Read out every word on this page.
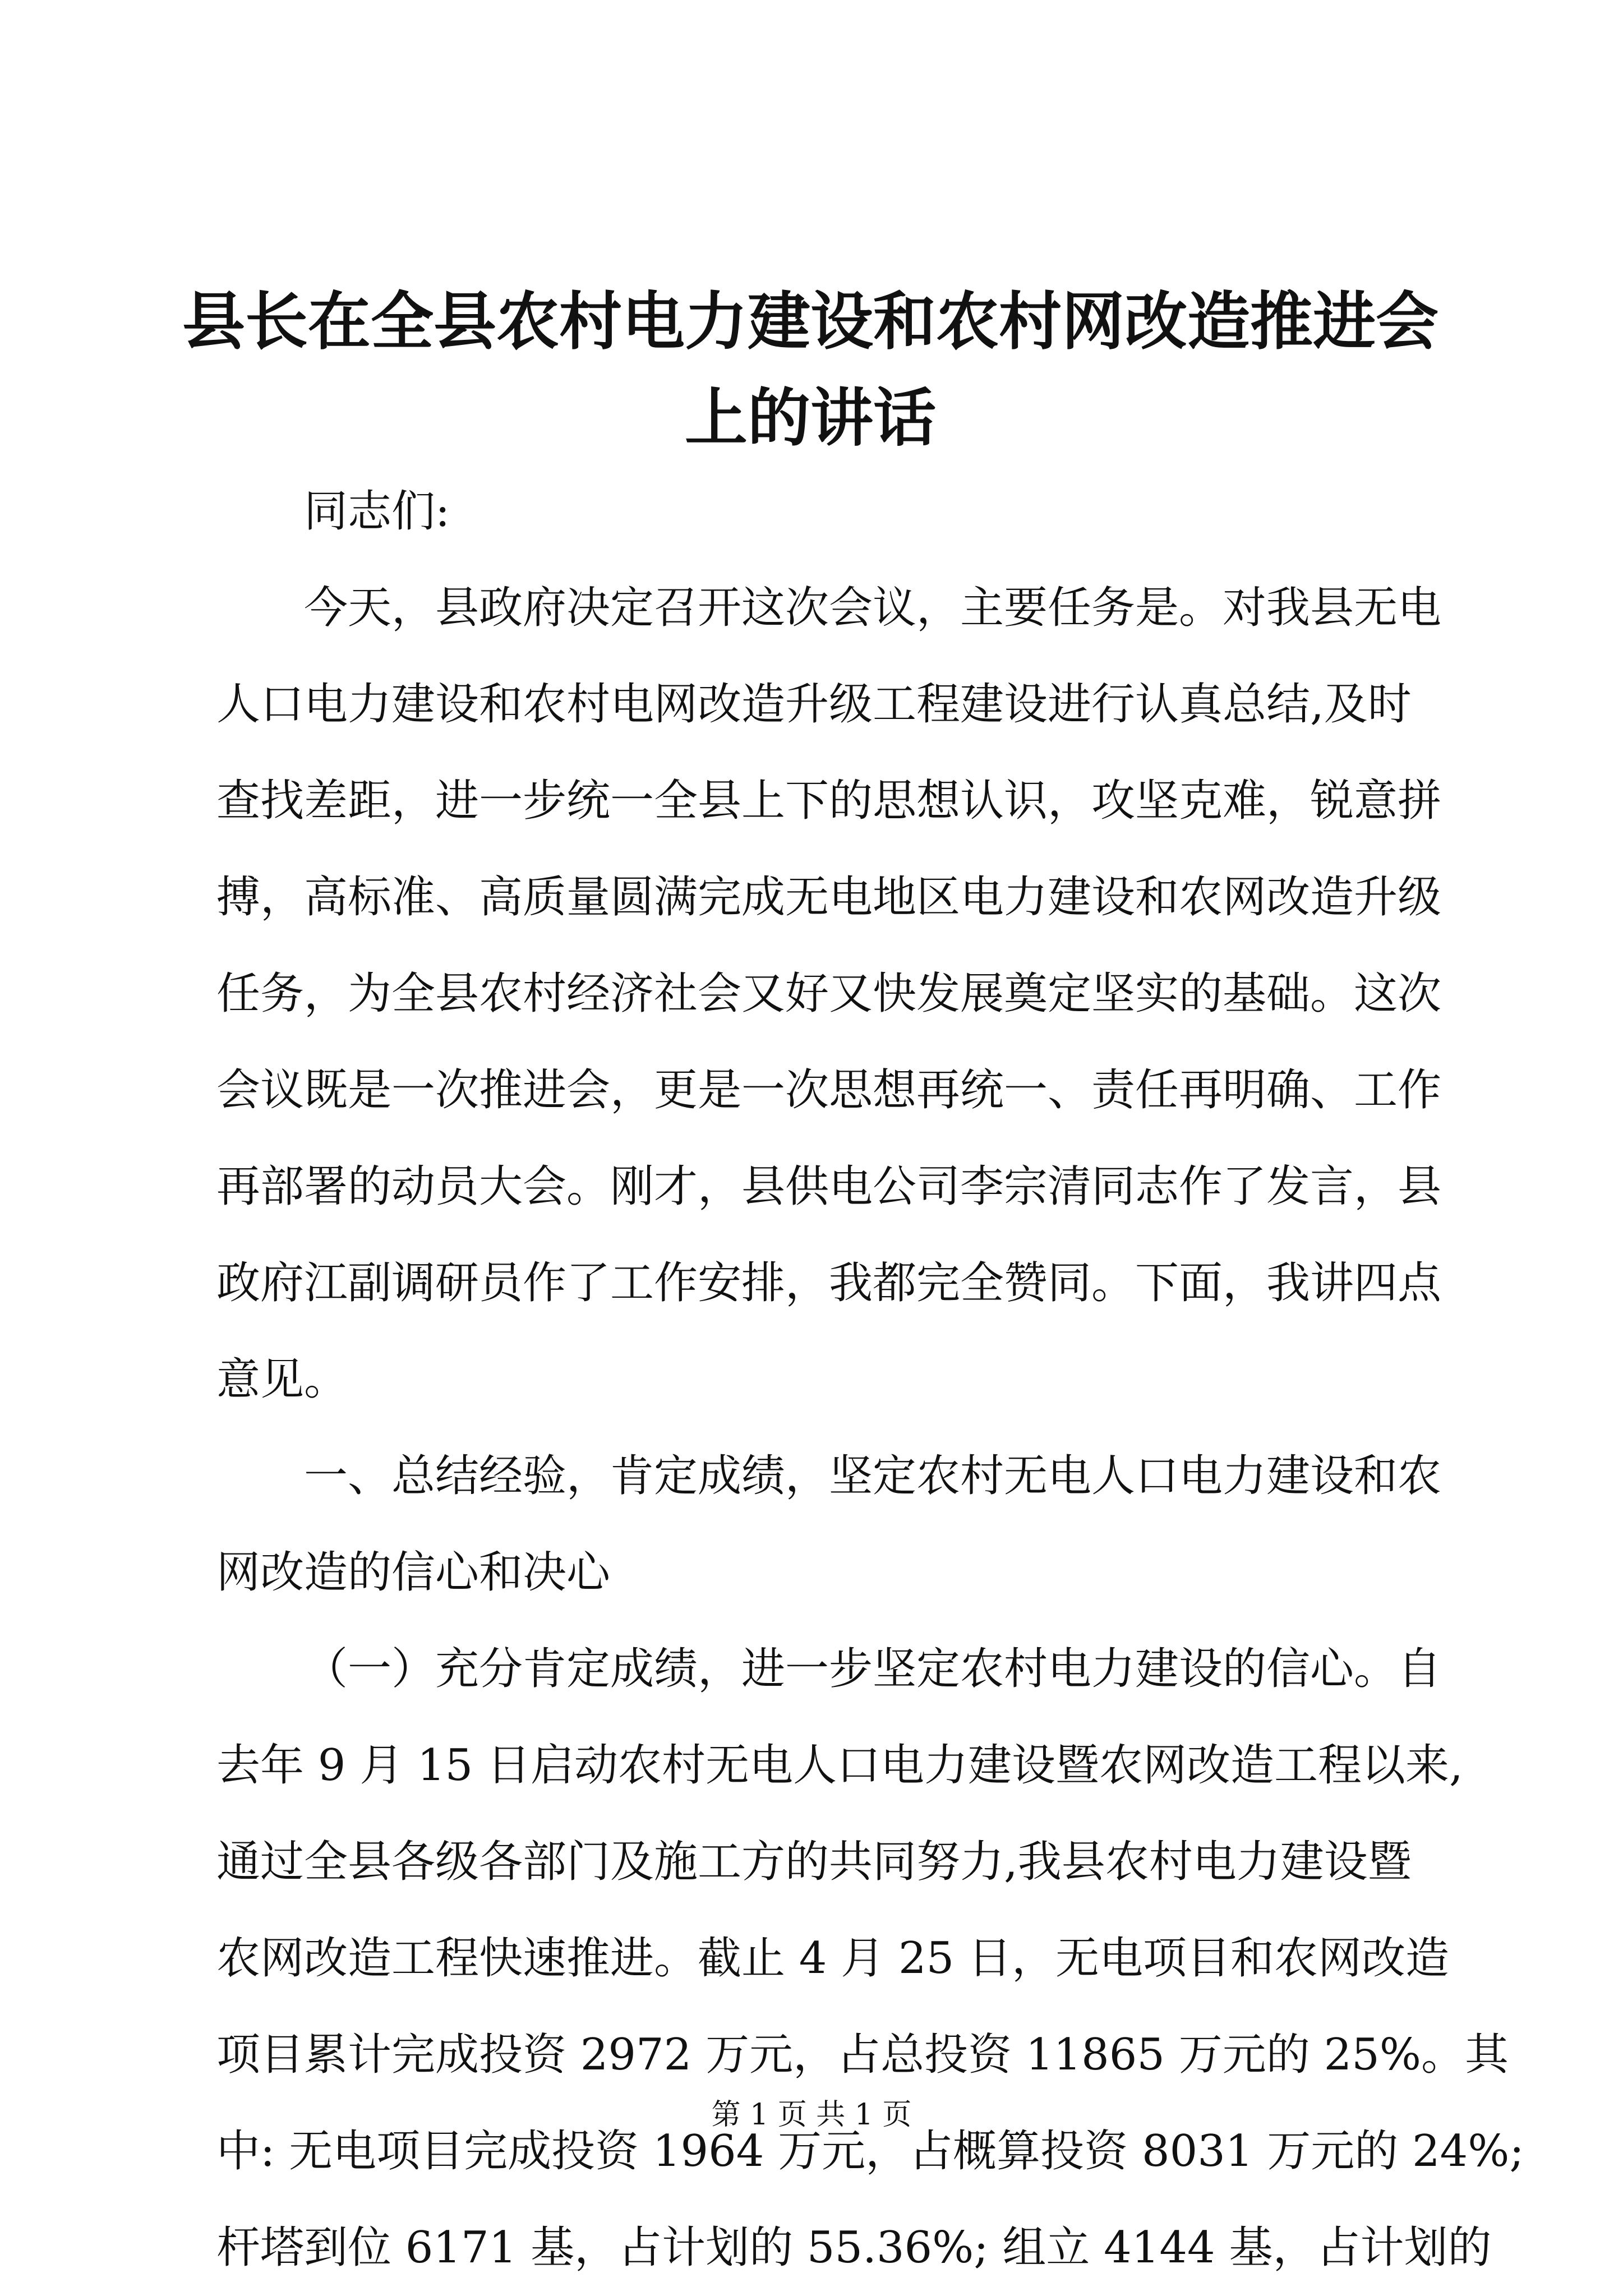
县长在全县农村电力建设和农村网改造推进会
上的讲话
同志们:
今天，县政府决定召开这次会议，主要任务是。对我县无电
人口电力建设和农村电网改造升级工程建设进行认真总结,及时
查找差距，进一步统一全县上下的思想认识，攻坚克难，锐意拼
搏，高标准、高质量圆满完成无电地区电力建设和农网改造升级
任务，为全县农村经济社会又好又快发展奠定坚实的基础。这次
会议既是一次推进会，更是一次思想再统一、责任再明确、工作
再部署的动员大会。刚才，县供电公司李宗清同志作了发言，县
政府江副调研员作了工作安排，我都完全赞同。下面，我讲四点
意见。
一、总结经验，肯定成绩，坚定农村无电人口电力建设和农
网改造的信心和决心
（一）充分肯定成绩，进一步坚定农村电力建设的信心。自
去年 9 月 15 日启动农村无电人口电力建设暨农网改造工程以来,
通过全县各级各部门及施工方的共同努力,我县农村电力建设暨
农网改造工程快速推进。截止 4 月 25 日，无电项目和农网改造
项目累计完成投资 2972 万元，占总投资 11865 万元的 25%。其
中: 无电项目完成投资 1964 万元，占概算投资 8031 万元的 24%;
杆塔到位 6171 基，占计划的 55.36%; 组立 4144 基，占计划的
第 1 页 共 1 页
